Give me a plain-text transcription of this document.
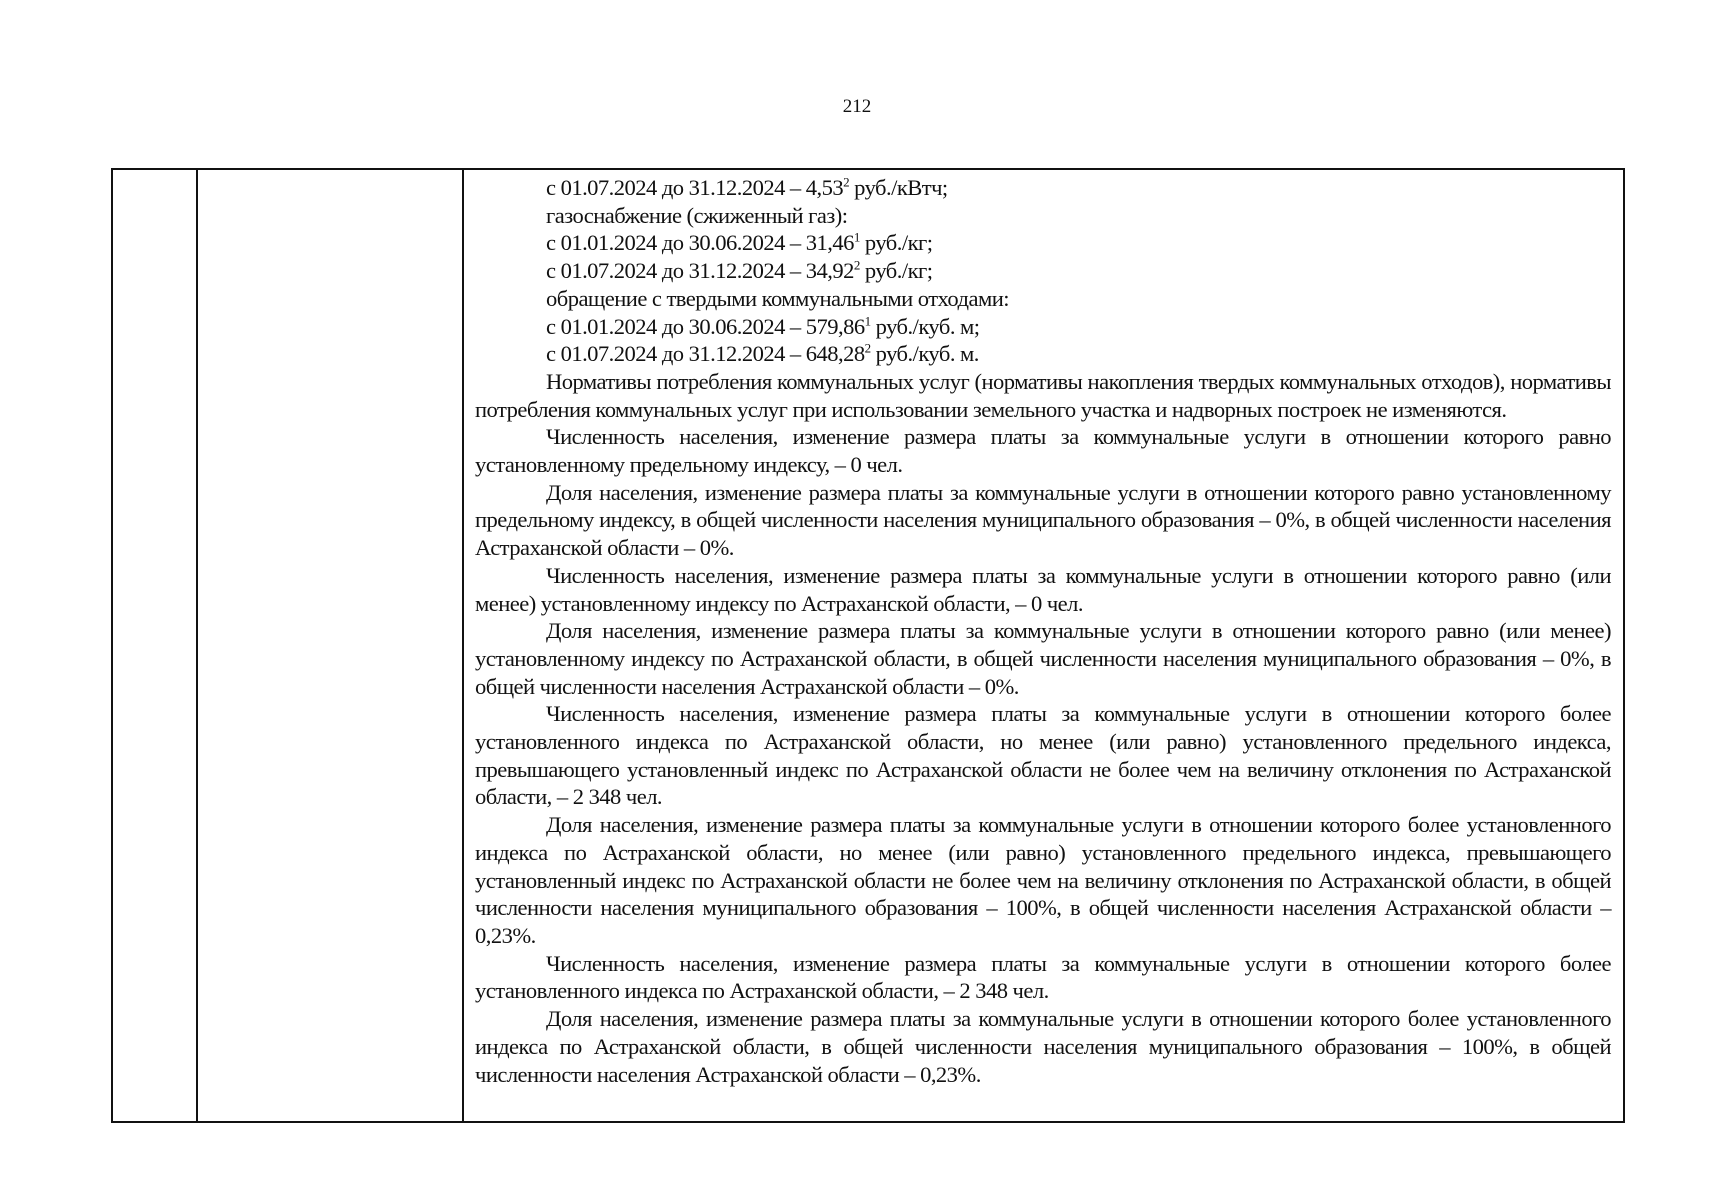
212

с 01.07.2024 до 31.12.2024 – 4,53$^2$ руб./кВтч;

газоснабжение (сжиженный газ):

с 01.01.2024 до 30.06.2024 – 31,46$^1$ руб./кг;

с 01.07.2024 до 31.12.2024 – 34,92$^2$ руб./кг;

обращение с твердыми коммунальными отходами:

с 01.01.2024 до 30.06.2024 – 579,86$^1$ руб./куб. м;

с 01.07.2024 до 31.12.2024 – 648,28$^2$ руб./куб. м.

Нормативы потребления коммунальных услуг (нормативы накопления твердых коммунальных отходов), нормативы потребления коммунальных услуг при использовании земельного участка и надворных построек не изменяются.

Численность населения, изменение размера платы за коммунальные услуги в отношении которого равно установленному предельному индексу, – 0 чел.

Доля населения, изменение размера платы за коммунальные услуги в отношении которого равно установленному предельному индексу, в общей численности населения муниципального образования – 0%, в общей численности населения Астраханской области – 0%.

Численность населения, изменение размера платы за коммунальные услуги в отношении которого равно (или менее) установленному индексу по Астраханской области, – 0 чел.

Доля населения, изменение размера платы за коммунальные услуги в отношении которого равно (или менее) установленному индексу по Астраханской области, в общей численности населения муниципального образования – 0%, в общей численности населения Астраханской области – 0%.

Численность населения, изменение размера платы за коммунальные услуги в отношении которого более установленного индекса по Астраханской области, но менее (или равно) установленного предельного индекса, превышающего установленный индекс по Астраханской области не более чем на величину отклонения по Астраханской области, – 2 348 чел.

Доля населения, изменение размера платы за коммунальные услуги в отношении которого более установленного индекса по Астраханской области, но менее (или равно) установленного предельного индекса, превышающего установленный индекс по Астраханской области не более чем на величину отклонения по Астраханской области, в общей численности населения муниципального образования – 100%, в общей численности населения Астраханской области – 0,23%.

Численность населения, изменение размера платы за коммунальные услуги в отношении которого более установленного индекса по Астраханской области, – 2 348 чел.

Доля населения, изменение размера платы за коммунальные услуги в отношении которого более установленного индекса по Астраханской области, в общей численности населения муниципального образования – 100%, в общей численности населения Астраханской области – 0,23%.
